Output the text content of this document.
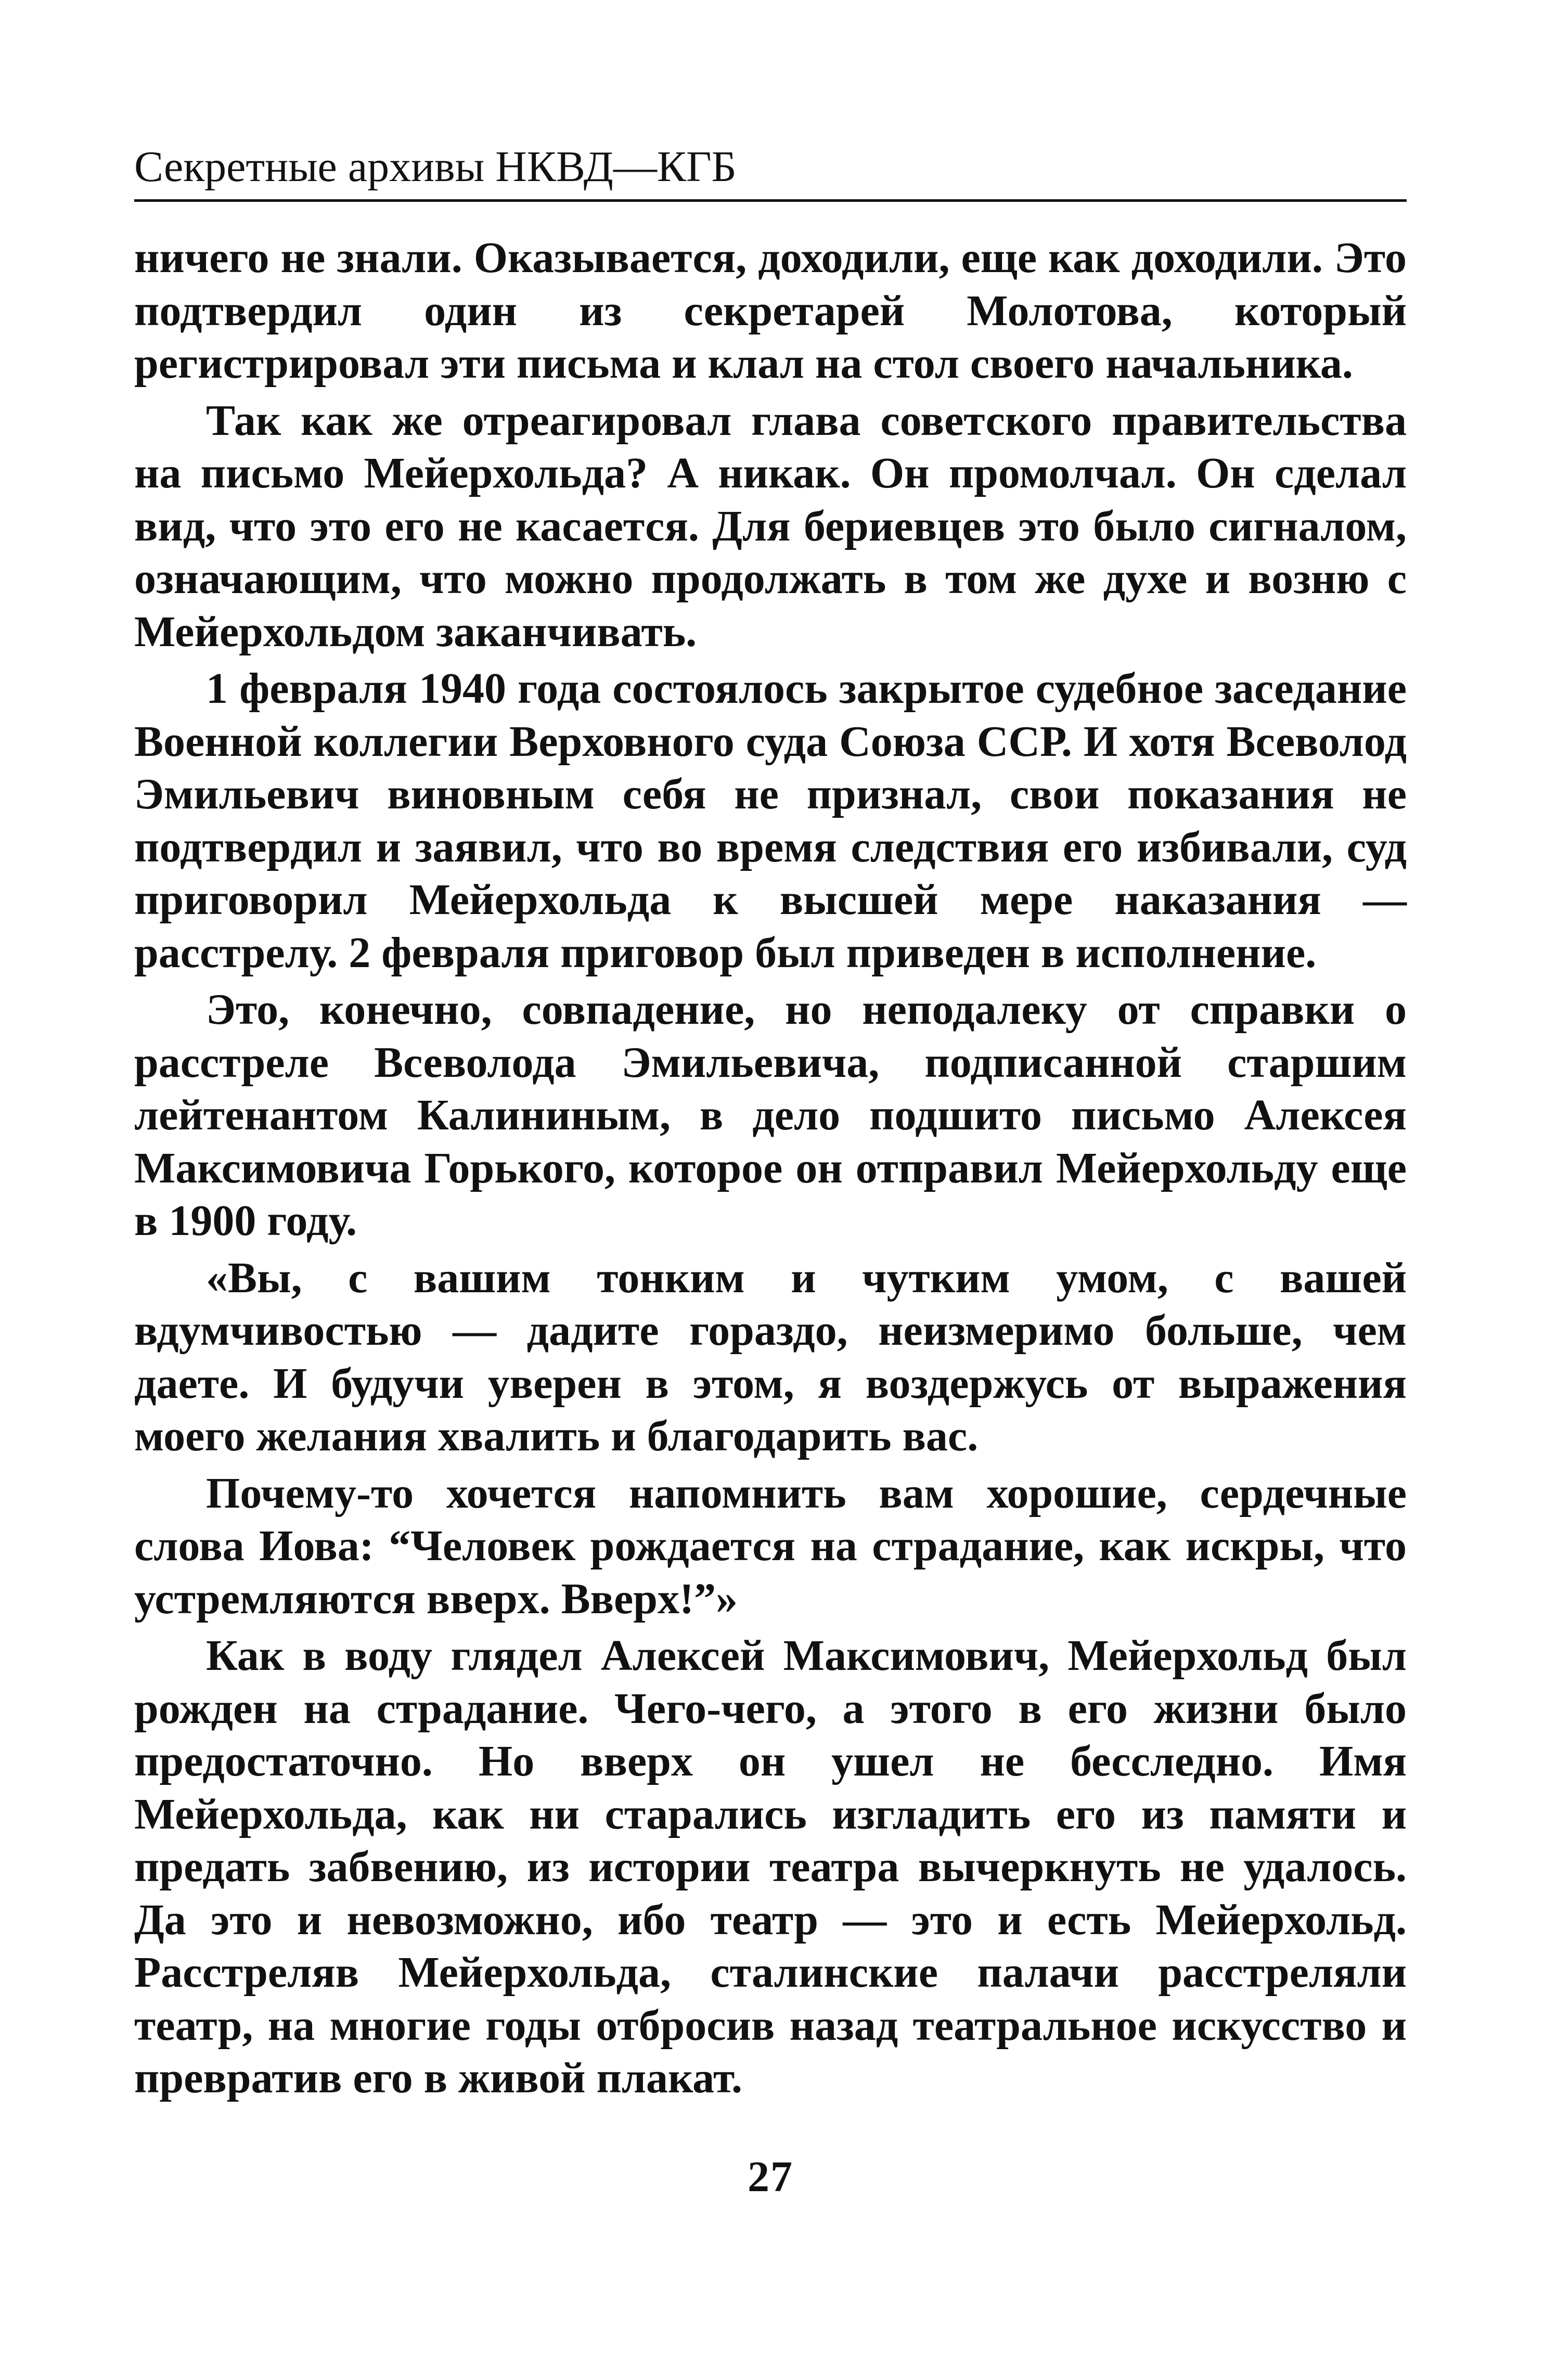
Секретные архивы НКВД—КГБ

ничего не знали. Оказывается, доходили, еще как доходили. Это подтвердил один из секретарей Молотова, который регистрировал эти письма и клал на стол своего начальника.

Так как же отреагировал глава советского правительства на письмо Мейерхольда? А никак. Он промолчал. Он сделал вид, что это его не касается. Для бериевцев это было сигналом, означающим, что можно продолжать в том же духе и возню с Мейерхольдом заканчивать.

1 февраля 1940 года состоялось закрытое судебное заседание Военной коллегии Верховного суда Союза ССР. И хотя Всеволод Эмильевич виновным себя не признал, свои показания не подтвердил и заявил, что во время следствия его избивали, суд приговорил Мейерхольда к высшей мере наказания — расстрелу. 2 февраля приговор был приведен в исполнение.

Это, конечно, совпадение, но неподалеку от справки о расстреле Всеволода Эмильевича, подписанной старшим лейтенантом Калининым, в дело подшито письмо Алексея Максимовича Горького, которое он отправил Мейерхольду еще в 1900 году.

«Вы, с вашим тонким и чутким умом, с вашей вдумчивостью — дадите гораздо, неизмеримо больше, чем даете. И будучи уверен в этом, я воздержусь от выражения моего желания хвалить и благодарить вас.

Почему-то хочется напомнить вам хорошие, сердечные слова Иова: “Человек рождается на страдание, как искры, что устремляются вверх. Вверх!”»

Как в воду глядел Алексей Максимович, Мейерхольд был рожден на страдание. Чего-чего, а этого в его жизни было предостаточно. Но вверх он ушел не бесследно. Имя Мейерхольда, как ни старались изгладить его из памяти и предать забвению, из истории театра вычеркнуть не удалось. Да это и невозможно, ибо театр — это и есть Мейерхольд. Расстреляв Мейерхольда, сталинские палачи расстреляли театр, на многие годы отбросив назад театральное искусство и превратив его в живой плакат.

27
